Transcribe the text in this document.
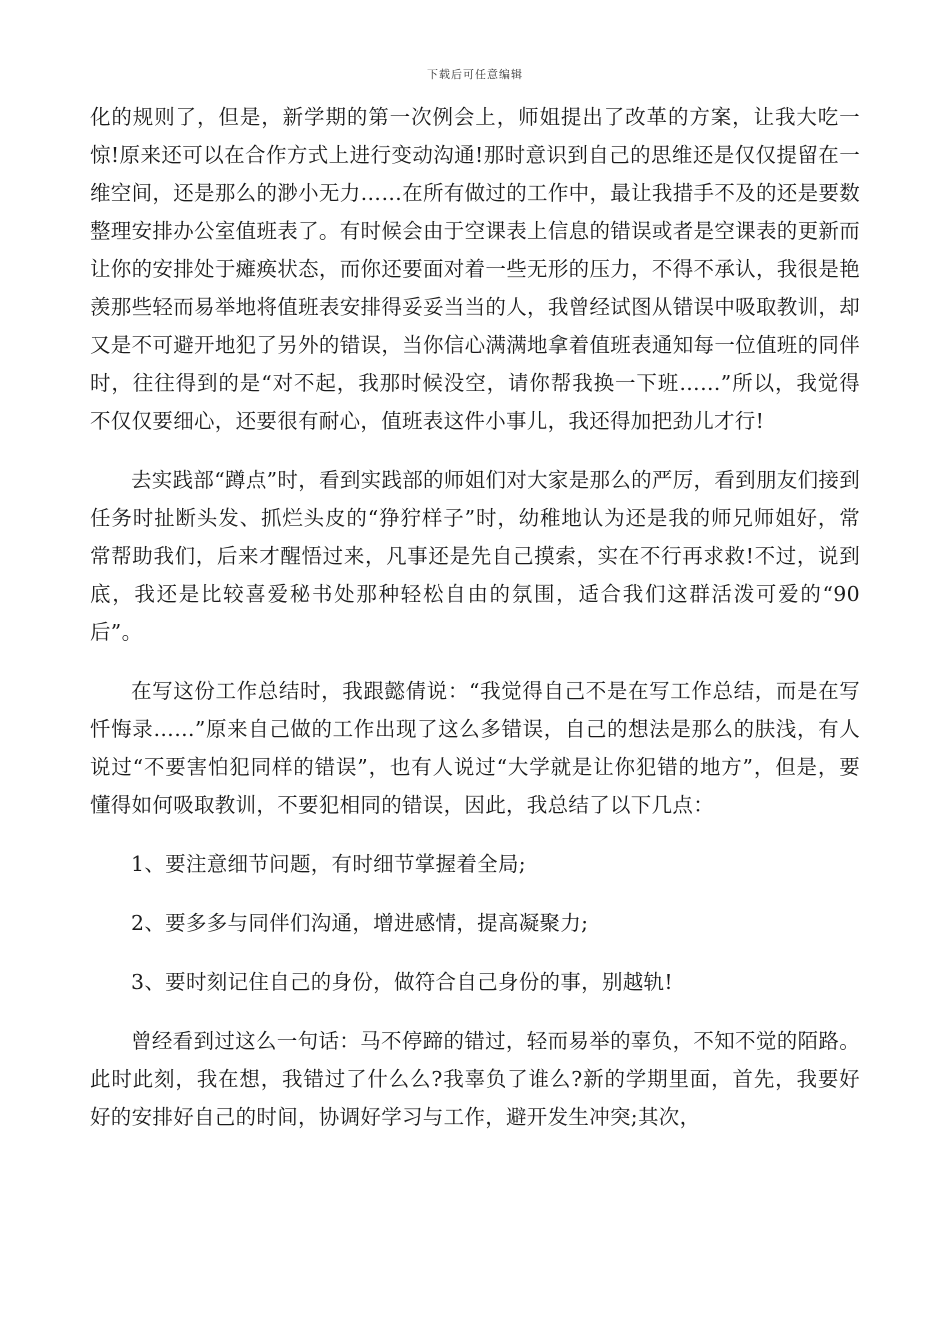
下载后可任意编辑

化的规则了，但是，新学期的第一次例会上，师姐提出了改革的方案，让我大吃一惊!原来还可以在合作方式上进行变动沟通!那时意识到自己的思维还是仅仅提留在一维空间，还是那么的渺小无力……在所有做过的工作中，最让我措手不及的还是要数整理安排办公室值班表了。有时候会由于空课表上信息的错误或者是空课表的更新而让你的安排处于瘫痪状态，而你还要面对着一些无形的压力，不得不承认，我很是艳羡那些轻而易举地将值班表安排得妥妥当当的人，我曾经试图从错误中吸取教训，却又是不可避开地犯了另外的错误，当你信心满满地拿着值班表通知每一位值班的同伴时，往往得到的是“对不起，我那时候没空，请你帮我换一下班……”所以，我觉得不仅仅要细心，还要很有耐心，值班表这件小事儿，我还得加把劲儿才行!

去实践部“蹲点”时，看到实践部的师姐们对大家是那么的严厉，看到朋友们接到任务时扯断头发、抓烂头皮的“狰狞样子”时，幼稚地认为还是我的师兄师姐好，常常帮助我们，后来才醒悟过来，凡事还是先自己摸索，实在不行再求救!不过，说到底，我还是比较喜爱秘书处那种轻松自由的氛围，适合我们这群活泼可爱的“90后”。

在写这份工作总结时，我跟懿倩说：“我觉得自己不是在写工作总结，而是在写忏悔录……”原来自己做的工作出现了这么多错误，自己的想法是那么的肤浅，有人说过“不要害怕犯同样的错误”，也有人说过“大学就是让你犯错的地方”，但是，要懂得如何吸取教训，不要犯相同的错误，因此，我总结了以下几点：

1、要注意细节问题，有时细节掌握着全局;

2、要多多与同伴们沟通，增进感情，提高凝聚力;

3、要时刻记住自己的身份，做符合自己身份的事，别越轨!

曾经看到过这么一句话：马不停蹄的错过，轻而易举的辜负，不知不觉的陌路。此时此刻，我在想，我错过了什么么?我辜负了谁么?新的学期里面，首先，我要好好的安排好自己的时间，协调好学习与工作，避开发生冲突;其次，
